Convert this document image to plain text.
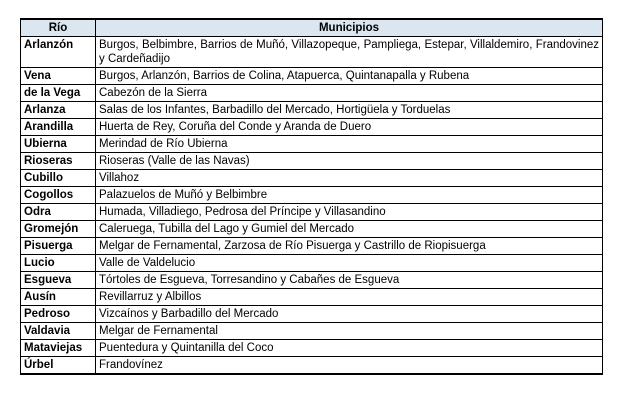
Río	Municipios
Arlanzón	Burgos, Belbimbre, Barrios de Muñó, Villazopeque, Pampliega, Estepar, Villaldemiro, Frandovinez y Cardeñadijo
Vena	Burgos, Arlanzón, Barrios de Colina, Atapuerca, Quintanapalla y Rubena
de la Vega	Cabezón de la Sierra
Arlanza	Salas de los Infantes, Barbadillo del Mercado, Hortigüela y Torduelas
Arandilla	Huerta de Rey, Coruña del Conde y Aranda de Duero
Ubierna	Merindad de Río Ubierna
Rioseras	Rioseras (Valle de las Navas)
Cubillo	Villahoz
Cogollos	Palazuelos de Muñó y Belbimbre
Odra	Humada, Villadiego, Pedrosa del Príncipe y Villasandino
Gromejón	Caleruega, Tubilla del Lago y Gumiel del Mercado
Pisuerga	Melgar de Fernamental, Zarzosa de Río Pisuerga y Castrillo de Riopisuerga
Lucio	Valle de Valdelucio
Esgueva	Tórtoles de Esgueva, Torresandino y Cabañes de Esgueva
Ausín	Revillarruz y Albillos
Pedroso	Vizcaínos y Barbadillo del Mercado
Valdavia	Melgar de Fernamental
Mataviejas	Puentedura y Quintanilla del Coco
Úrbel	Frandovínez
